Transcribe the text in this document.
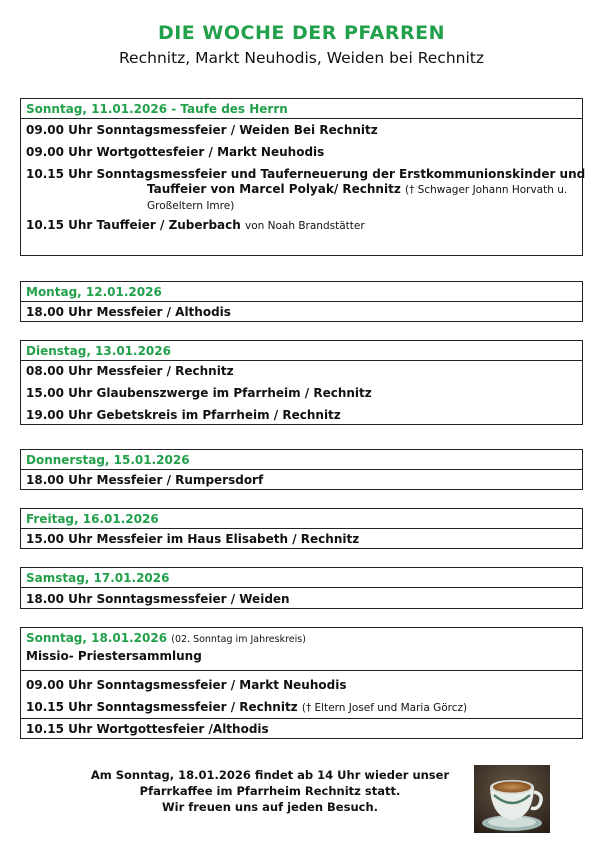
DIE WOCHE DER PFARREN
Rechnitz, Markt Neuhodis, Weiden bei Rechnitz
Sonntag, 11.01.2026 - Taufe des Herrn
09.00 Uhr Sonntagsmessfeier / Weiden Bei Rechnitz
09.00 Uhr Wortgottesfeier / Markt Neuhodis
10.15 Uhr Sonntagsmessfeier und Tauferneuerung der Erstkommunionskinder und
Tauffeier von Marcel Polyak/ Rechnitz († Schwager Johann Horvath u. Großeltern Imre)
10.15 Uhr Tauffeier / Zuberbach von Noah Brandstätter
Montag, 12.01.2026
18.00 Uhr Messfeier / Althodis
Dienstag, 13.01.2026
08.00 Uhr Messfeier / Rechnitz
15.00 Uhr Glaubenszwerge im Pfarrheim / Rechnitz
19.00 Uhr Gebetskreis im Pfarrheim / Rechnitz
Donnerstag, 15.01.2026
18.00 Uhr Messfeier / Rumpersdorf
Freitag, 16.01.2026
15.00 Uhr Messfeier im Haus Elisabeth / Rechnitz
Samstag, 17.01.2026
18.00 Uhr Sonntagsmessfeier / Weiden
Sonntag, 18.01.2026 (02. Sonntag im Jahreskreis)
Missio- Priestersammlung
09.00 Uhr Sonntagsmessfeier / Markt Neuhodis
10.15 Uhr Sonntagsmessfeier / Rechnitz († Eltern Josef und Maria Görcz)
10.15 Uhr Wortgottesfeier /Althodis
Am Sonntag, 18.01.2026 findet ab 14 Uhr wieder unser
Pfarrkaffee im Pfarrheim Rechnitz statt.
Wir freuen uns auf jeden Besuch.
